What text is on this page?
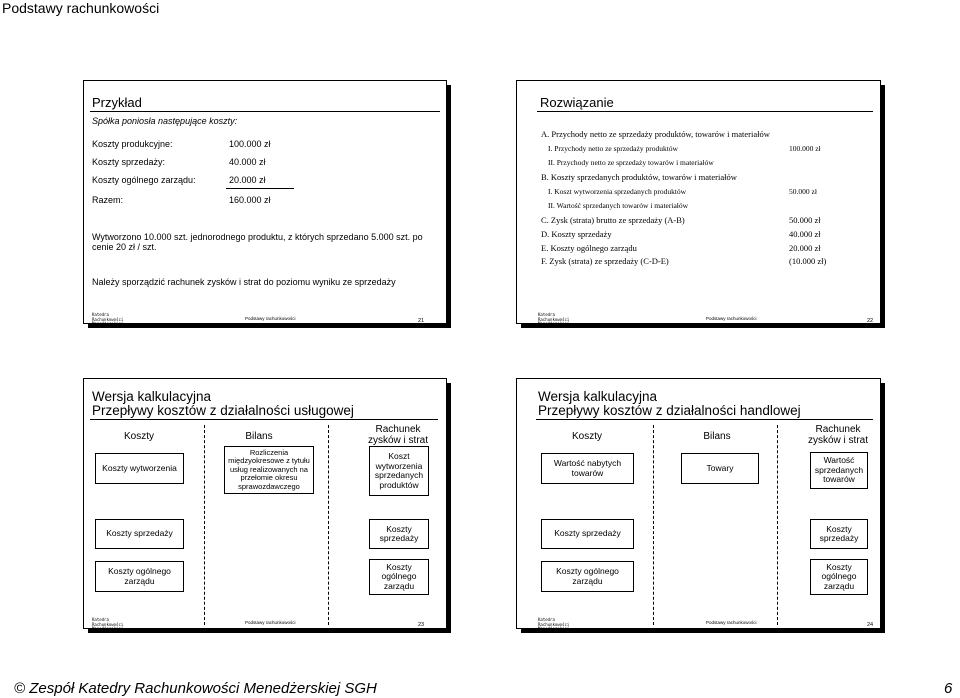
Podstawy rachunkowości
Przykład
Spółka poniosła następujące koszty:
Koszty produkcyjne:	100.000 zł
Koszty sprzedaży:	40.000 zł
Koszty ogólnego zarządu:	20.000 zł
Razem:	160.000 zł
Wytworzono 10.000 szt. jednorodnego produktu, z których sprzedano 5.000 szt. po cenie 20 zł / szt.
Należy sporządzić rachunek zysków i strat do poziomu wyniku ze sprzedaży
Katedra
Rachunkowości
Menedżerskiej
Podstawy rachunkowości	21
Rozwiązanie
A. Przychody netto ze sprzedaży produktów, towarów i materiałów
I. Przychody netto ze sprzedaży produktów	100.000 zł
II. Przychody netto ze sprzedaży towarów i materiałów
B. Koszty sprzedanych produktów, towarów i materiałów
I. Koszt wytworzenia sprzedanych produktów	50.000 zł
II. Wartość sprzedanych towarów i materiałów
C. Zysk (strata) brutto ze sprzedaży (A-B)	50.000 zł
D. Koszty sprzedaży	40.000 zł
E. Koszty ogólnego zarządu	20.000 zł
F. Zysk (strata) ze sprzedaży (C-D-E)	(10.000 zł)
Katedra
Rachunkowości
Menedżerskiej
Podstawy rachunkowości	22
Wersja kalkulacyjna
Przepływy kosztów z działalności usługowej
Koszty	Bilans
Rachunek
zysków i strat
Koszty wytworzenia
Rozliczenia międzyokresowe z tytułu usług realizowanych na przełomie okresu sprawozdawczego
Koszt wytworzenia sprzedanych produktów
Koszty sprzedaży	Koszty sprzedaży
Koszty ogólnego zarządu
Koszty ogólnego zarządu
Katedra
Rachunkowości
Menedżerskiej
Podstawy rachunkowości	23
Wersja kalkulacyjna
Przepływy kosztów z działalności handlowej
Koszty	Bilans
Rachunek
zysków i strat
Wartość nabytych towarów	Towary
Wartość sprzedanych towarów
Koszty sprzedaży	Koszty sprzedaży
Koszty ogólnego zarządu
Koszty ogólnego zarządu
Katedra
Rachunkowości
Menedżerskiej
Podstawy rachunkowości	24
© Zespół Katedry Rachunkowości Menedżerskiej SGH	6
